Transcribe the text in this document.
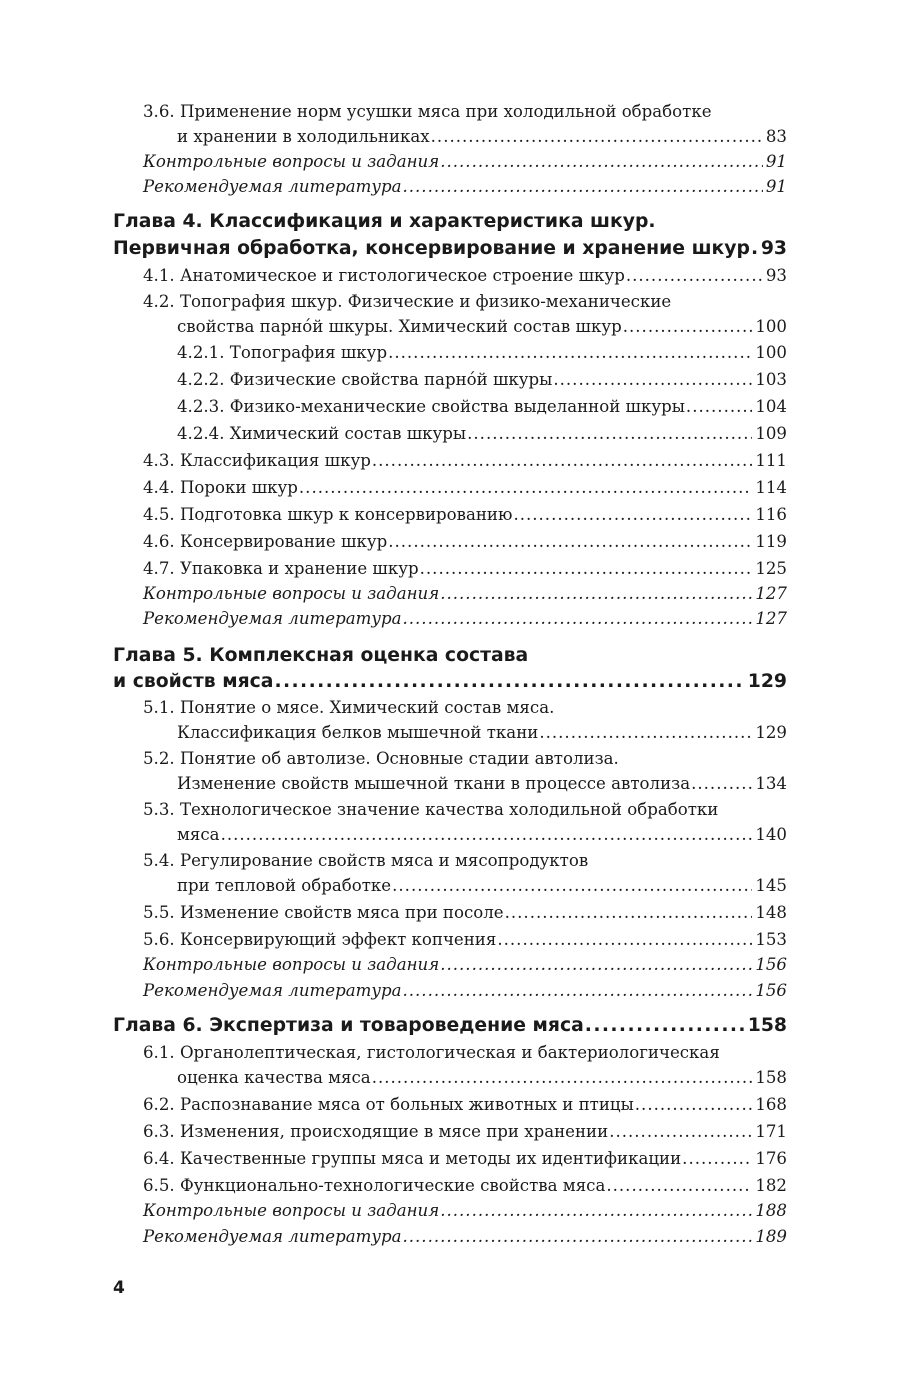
3.6. Применение норм усушки мяса при холодильной обработке
и хранении в холодильниках .....	83
Контрольные вопросы и задания .....	91
Рекомендуемая литература .....	91
Глава 4. Классификация и характеристика шкур.
Первичная обработка, консервирование и хранение шкур ..... 93
4.1. Анатомическое и гистологическое строение шкур .....	93
4.2. Топография шкур. Физические и физико-механические
свойства парнóй шкуры. Химический состав шкур .....	100
4.2.1. Топография шкур .....	100
4.2.2. Физические свойства парнóй шкуры .....	103
4.2.3. Физико-механические свойства выделанной шкуры .....	104
4.2.4. Химический состав шкуры .....	109
4.3. Классификация шкур .....	111
4.4. Пороки шкур .....	114
4.5. Подготовка шкур к консервированию .....	116
4.6. Консервирование шкур .....	119
4.7. Упаковка и хранение шкур .....	125
Контрольные вопросы и задания .....	127
Рекомендуемая литература .....	127
Глава 5. Комплексная оценка состава
и свойств мяса .....	129
5.1. Понятие о мясе. Химический состав мяса.
Классификация белков мышечной ткани .....	129
5.2. Понятие об автолизе. Основные стадии автолиза.
Изменение свойств мышечной ткани в процессе автолиза .....	134
5.3. Технологическое значение качества холодильной обработки
мяса .....	140
5.4. Регулирование свойств мяса и мясопродуктов
при тепловой обработке .....	145
5.5. Изменение свойств мяса при посоле .....	148
5.6. Консервирующий эффект копчения .....	153
Контрольные вопросы и задания .....	156
Рекомендуемая литература .....	156
Глава 6. Экспертиза и товароведение мяса .....	158
6.1. Органолептическая, гистологическая и бактериологическая
оценка качества мяса .....	158
6.2. Распознавание мяса от больных животных и птицы .....	168
6.3. Изменения, происходящие в мясе при хранении .....	171
6.4. Качественные группы мяса и методы их идентификации .....	176
6.5. Функционально-технологические свойства мяса .....	182
Контрольные вопросы и задания .....	188
Рекомендуемая литература .....	189
4
